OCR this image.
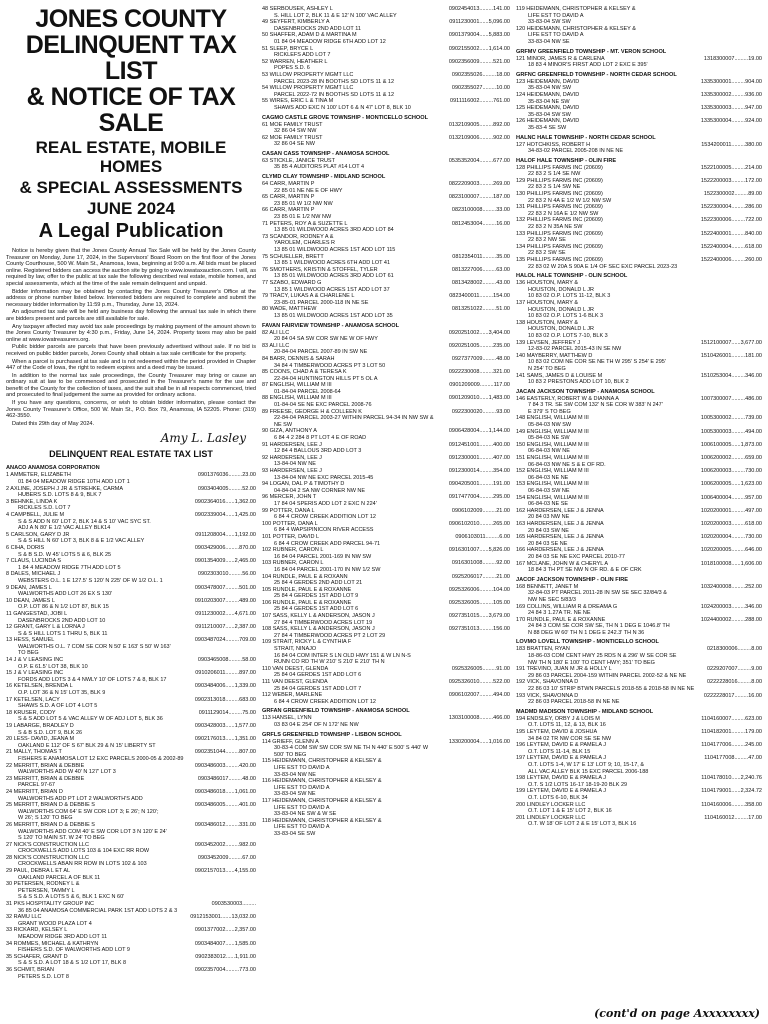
JONES COUNTY
DELINQUENT TAX LIST
& NOTICE OF TAX SALE
REAL ESTATE, MOBILE HOMES
& SPECIAL ASSESSMENTS
JUNE 2024
A Legal Publication

Notice is hereby given that the Jones County Annual Tax Sale will be held by the Jones County Treasurer on Monday, June 17, 2024, in the Supervisors' Board Room on the first floor of the Jones County Courthouse, 500 W. Main St., Anamosa, Iowa, beginning at 9:00 a.m. All bids must be placed online. Registered bidders can access the auction site by going to www.iowataxauction.com. I will, as required by law, offer to the public at tax sale the following described real estate, mobile homes, and special assessments, which at the time of the sale remain delinquent and unpaid.

Bidder information may be obtained by contacting the Jones County Treasurer's Office at the address or phone number listed below. Interested bidders are required to complete and submit the necessary bidder information by 11:59 p.m., Thursday, June 13, 2024.

An adjourned tax sale will be held any business day following the annual tax sale in which there are bidders present and parcels are still available for sale.

Any taxpayer affected may avoid tax sale proceedings by making payment of the amount shown to the Jones County Treasurer by 4:30 p.m., Friday, June 14, 2024. Property taxes may also be paid online at www.iowatreasurers.org.

Public bidder parcels are parcels that have been previously advertised without sale. If no bid is received on public bidder parcels, Jones County shall obtain a tax sale certificate for the property.

When a parcel is purchased at tax sale and is not redeemed within the period provided in Chapter 447 of the Code of Iowa, the right to redeem expires and a deed may be issued.

In addition to the normal tax sale proceedings, the County Treasurer may bring or cause an ordinary suit at law to be commenced and prosecuted in the Treasurer's name for the use and benefit of the County for the collection of taxes, and the suit shall be in all respects commenced, tried and prosecuted to final judgement the same as provided for ordinary actions.

If you have any questions, concerns, or wish to obtain bidder information, please contact the Jones County Treasurer's Office, 500 W. Main St., P.O. Box 79, Anamosa, IA 52205. Phone: (319) 462-3550.

Dated this 29th day of May 2024.

Amy L. Lasley
DELINQUENT REAL ESTATE TAX LIST
ANACO ANAMOSA CORPORATION
1 AMMETER, ELIZABETH	0901376036.........23.00
01 84 04 MEADOW RIDGE 10TH ADD LOT 1
2 AXLINE, JOSEPH J JR & STREHKE, CARMA	0903404005.........52.00
HUBERS S.D. LOTS 8 & 9, BLK 7
3 BEHNKE, LINDA K	0902364016......1,362.00
RICKLES S.D. LOT 7
4 CAMPBELL, JULIE M	0902339004......1,425.00
S & S ADD N 60' LOT 2, BLK 14 & S 10' VAC SYC ST.
ADJ A N 80' E 1/2 VAC ALLEY BLK14
5 CARLSON, GARY D JR	0911208004......1,192.00
S & S HILL N 60' LOT 3, BLK 8 & E 1/2 VAC ALLEY
6 CIHA, DORIS	0903429006.........870.00
S & B S.D. W 45' LOTS 5 & 6, BLK 25
7 CLAUS, LUCINDA S	0901354009......2,465.00
1 84 4 MEADOW RIDGE 7TH ADD LOT 5
8 DALES, MICHAEL J	0902303010.........56.00
WEBSTERS O.L. 1 E 127.5' S 120' N 225' OF W 1/2 O.L. 1
9 DEAN, JAMES L	0903478007.........501.00
WALWORTHS ADD LOT 26 EX S 130'
10 DEAN, JAMES L	0910203007.........489.00
O.P. LOT 86 & N 1/2 LOT 87, BLK 15
11 GANGESTAD, JOBI L	0911230002......4,671.00
DASENBROCKS 2ND ADD LOT 10
12 GRANT, GARY L & LORNA J	0911210007......2,387.00
S & S HILL LOTS 1 THRU 5, BLK 11
13 HESS, SAMUEL	0903487024.........709.00
WALWORTHS O.L. 7 COM SE COR N 50' E 163' S 50' W 163'
TO BEG
14 J & V LEASING INC	0903465008.........58.00
O.P. E 61.5' LOT 38, BLK 10
15 J & V LEASING INC	0910206011.........897.00
FORDS ADD LOTS 3 & 4 NWLY 10' OF LOTS 7 & 8, BLK 17
16 KETELSEN, BRENDA L	0903484006......1,339.00
O.P. LOT 36 & N 15' LOT 35, BLK 9
17 KETELSEN, LACY	0902313018.........683.00
SHAWS S.D. A OF LOT 4 LOT 5
18 KRUSER, CODY	0911129014.........75.00
S & S ADD LOT 5 & VAC ALLEY W OF ADJ LOT 5, BLK 36
19 LABARGE, BRADLEY D	0903428003......1,577.00
S & B S.D. LOT 9, BLK 26
20 LESS- DAVID, JEANA M	0902176013......1,351.00
OAKLAND E 112' OF S 67' BLK 29 & N 15' LIBERTY ST
21 MALLY, THOMAS T	0902351044.........807.00
FISHERS E ANAMOSA LOT 12 EXC PARCELS 2000-05 & 2002-89
22 MERRITT, BRIAN & DEBBIE	0903486003.........420.00
WALWORTHS ADD W 40' N 127' LOT 3
23 MERRITT, BRIAN & DEBBIE	0903486017.........48.00
PARCEL 97-67
24 MERRITT, BRIAN D	0903486018......1,061.00
WALWORTHS ADD PT LOT 2 WALWORTH'S ADD
25 MERRITT, BRIAN D & DEBBIE S	0903486005.........401.00
WALWORTHS COM 64' E SW COR LOT 3; E 26'; N 120';
W 26'; S 120' TO BEG
26 MERRITT, BRIAN D & DEBBIE S	0903486012.........331.00
WALWORTHS ADD COM 40' E SW COR LOT 3 N 120' E 24'
S 120' TO MAIN ST. W 24' TO BEG
27 NICK'S CONSTRUCTION LLC	0903452002.........982.00
CROCKWELLS ADD LOTS 103 & 104 EXC RR ROW
28 NICK'S CONSTRUCTION LLC	0903452009.........67.00
CROCKWELLS ABAN RR ROW IN LOTS 102 & 103
29 PAUL, DEBRA L ET AL	0902157013......4,155.00
OAKLAND PARCEL A OF BLK 11
30 PETERSEN, RODNEY L &
PETERSEN, TAMMY L
S & S S.D. A LOTS 5 & 6, BLK 1 EXC N 60'
31 PKS HOSPITALITY GROUP INC	0903530003.........
36 85 04 ANAMOSA COMMERCIAL PARK 1ST ADD LOTS 2 & 3
32 RAMU LLC	0912153001.......13,032.00
GRANT WOOD PLAZA LOT 4
33 RICKARD, KELSEY L	0901377002......2,357.00
MEADOW RIDGE 3RD ADD LOT 11
34 ROMMES, MICHAEL & KATHRYN	0903484007......1,585.00
FISHERS S.D. OF WALWORTHS ADD LOT 9
35 SCHAFER, GRANT D	0902383012......1,911.00
S & S S.D. A LOT 18 & S 1/2 LOT 17, BLK 8
36 SCHMIT, BRIAN	0902357004.........773.00
PETERS S.D. LOT 8
48 SERBOUSEK, ASHLEY L	0902454013.........141.00
S. HILL LOT 2, BLK 11 & E 12' N 100' VAC ALLEY
49 SEYFERT, KIMBERLY A	0911230001......5,096.00
DASENBROCKS 2ND ADD LOT 11
50 SHAFFER, ADAM D & MARTINA M	0901379004......5,883.00
01 84 04 MEADOW RIDGE 6TH ADD LOT 12
51 SLEEP, BRYCE L	0902155002......1,614.00
RICKLEFS ADD LOT 7
52 WARREN, HEATHER L	0902356009.........521.00
POPES S.D. 6
53 WILLOW PROPERTY MGMT LLC	0902355026.........18.00
PARCEL 2023-28 IN BOOTHS SD LOTS 11 & 12
54 WILLOW PROPERTY MGMT LLC	0902355027.........10.00
PARCEL 2022-72 IN BOOTHS SD LOTS 11 & 12
55 WIRES, ERIC L & TINA M	0911116002.........761.00
SHAWS ADD EXC N 100' LOT 6 & N 47' LOT 8, BLK 10
CAGMO CASTLE GROVE TOWNSHIP - MONTICELLO SCHOOL
61 MOE FAMILY TRUST	0132109005.........892.00
32 86 04 SW NW
62 MOE FAMILY TRUST	0132109006.........902.00
32 86 04 SE NW
CASAN CASS TOWNSHIP - ANAMOSA SCHOOL
63 STICKLE, JANICE TRUST	0535352004.........677.00
35 85 4 AUDITORS PLAT #14 LOT 4
CLYMD CLAY TOWNSHIP - MIDLAND SCHOOL
64 CARR, MARTIN P	0822209003.........269.00
22 85 01 NE NE E OF HWY
65 CARR, MARTIN P	0823100007.........187.00
23 85 01 W 1/2 NW NW
66 CARR, MARTIN P	0823100008.........33.00
23 85 01 E 1/2 NW NW
71 PETERS, ROY A & SUZETTE L	0812453004.........16.00
13 85 01 WILDWOOD ACRES 3RD ADD LOT 84
73 SCANDOR, RODNEY A &
YAROLEM, CHARLES R
13 85 01 WILDWOOD ACRES 1ST ADD LOT 115
75 SCHUELLER, BRETT	0812354011.........35.00
13 85 1 WILDWOOD ACRES 6TH ADD LOT 41
76 SMOTHERS, KRISTIN & STOFFEL, TYLER	0813227006.........63.00
13 85 01 WILDWOOD ACRES 3RD ADD LOT 61
77 SZABO, EDWARD G	0813428002.........43.00
13 85 1 WILDWOOD ACRES 1ST ADD LOT 37
79 TRACY, LUKAS A & CHARLENE L	0823400011.........154.00
23-85-01 PARCEL 2000-118 IN NE SE
80 WADE, MATTHEW	0813251022.........51.00
13 85 01 WILDWOOD ACRES 1ST ADD LOT 35
FAVAN FAIRVIEW TOWNSHIP - ANAMOSA SCHOOL
82 ALI LLC	0920251002......3,404.00
20 84 04 SA SW COR SW NE W OF HWY
83 ALI LLC	0920251005.........235.00
20-84-04 PARCEL 2007-89 IN SW NE
84 BARR, DENNIS & SARAH	0927377009.........48.00
34 84 4 TIMBERWOOD ACRES PT 3 LOT 50
85 COONS, CHAD A & TERESA K	0922230008.........321.00
22-84-04 HUNTINGTON HILLS PT 5 OL A
87 ENGLISH, WILLIAM M III	0901209009.........117.00
01-84-04 PARCEL 2008-64
88 ENGLISH, WILLIAM M III	0901209010......1,483.00
01-84-04 SE NE EXC PARCEL 2008-76
89 FREESE, GEORGE H & COLLEEN K	0922300020.........93.00
22-84-04 PARCEL 2003-27 WITHIN PARCEL 94-34 IN NW SW &
NE SW
90 GIZA, ANTHONY A	0906428004......1,144.00
6 84 4 2 284 8 PT LOT 4 E OF ROAD
91 HARDERSEN, LEE J	0912451001.........400.00
12 84 4 BALLOUS 3RD ADD LOT 3
92 HARDERSEN, LEE J	0912300001.........407.00
13-84-04 NW NE
93 HARDERSEN, LEE J	0912300014.........354.00
13-84-04 NW NE EXC PARCEL 2015-45
94 LOGAN, DAL P & TIMOTHY D	0904205001.........191.00
04-84-04 2 SA NW CORNER NW NE
96 MERCER, JOHN T	0917477004.........295.00
17 84 04 SPERIS ADD LOT 2 EXC N 224'
99 POTTER, DANA L	0906102009.........21.00
6 84 4 CROW CREEK ADDITION LOT 12
100 POTTER, DANA L	0906102010.........265.00
6 84 4 WAPSIPINICON RIVER ACCESS
101 POTTER, DAVID L	0906103011.........6.00
6 84 4 CROW CREEK ADD PARCEL 94-71
102 RUBNER, CARON L	0916301007......5,826.00
16 84 04 PARCEL 2001-169 IN NW SW
103 RUBNER, CARON L	0916301008.........92.00
16 84 04 PARCEL 2001-170 IN NW 1/2 SW
104 RUNDLE, PAUL E & ROXANN	0925206017.........21.00
25 84 4 GERDES 2ND ADD LOT 21
105 RUNDLE, PAUL E & ROXANNE	0925326006.........104.00
25 84 4 GERDES 1ST ADD LOT 9
106 RUNDLE, PAUL E & ROXANNE	0925326005.........105.00
25 84 4 GERDES 1ST ADD LOT 6
107 SASS, KELLY L & ANDERSON, JASON J	0927351015......3,679.00
27 84 4 TIMBERWOOD ACRES LOT 19
108 SASS, KELLY L & ANDERSON, JASON J	0927351013.........156.00
27 84 4 TIMBERWOOD ACRES PT 2 LOT 29
109 STRAIT, RICKY L & CYNTHIA F
STRAIT, NINAJO
16 84 04 COM INTER S LN OLD HWY 151 & W LN N-S
RUNN CO RD TH W 210' S 210' E 210' TH N
110 VAN DEEST, GLENDA	0925326005.........91.00
25 84 04 GERDES 1ST ADD LOT 6
111 VAN DEEST, GLENDA	0925326010.........522.00
25 84 04 GERDES 1ST ADD LOT 7
112 WEBER, MARLENE	0906102007.........494.00
6 84 4 CROW CREEK ADDITION LOT 12
GRFAN GREENFIELD TOWNSHIP - ANAMOSA SCHOOL
113 HANSEL, LYNN	1303100008.........466.00
03 83 04 E 254' OF N 172' NE NW
GRFLS GREENFIELD TOWNSHIP - LISBON SCHOOL
114 GRIEFF, GLENN A	1330200004......1,016.00
30-83-4 COM SW SW COR SW NE TH N 440' E 500' S 440' W
500' TO BEG
115 HEIDEMANN, CHRISTOPHER & KELSEY &
LIFE EST TO DAVID A
33-83-04 NW NE
116 HEIDEMANN, CHRISTOPHER & KELSEY &
LIFE EST TO DAVID A
33-83-04 SW NE
117 HEIDEMANN, CHRISTOPHER & KELSEY &
LIFE EST TO DAVID A
33-83-04 NE SW & W SE
118 HEIDEMANN, CHRISTOPHER & KELSEY &
LIFE EST TO DAVID A
33-83-04 SE SW
119 HEIDEMANN, CHRISTOPHER & KELSEY &
LIFE EST TO DAVID A
33-83-04 SW SW
120 HEIDEMANN, CHRISTOPHER & KELSEY &
LIFE EST TO DAVID A
33-83-04 NW SE
GRFMV GREENFIELD TOWNSHIP - MT. VERON SCHOOL
121 MINOR, JAMES R & CARLENA	1318300007.........19.00
18 83 4 MINOR'S FIRST ADD LOT 2 EXC E 395'
GRFNC GREENFIELD TOWNSHIP - NORTH CEDAR SCHOOL
123 HEIDEMANN, DAVID	1335300001.........904.00
35-83-04 NW SW
124 HEIDEMANN, DAVID	1335300002.........936.00
35-83-04 NE SW
125 HEIDEMANN, DAVID	1335300003.........947.00
35-83-04 SW SW
126 HEIDEMANN, DAVID	1335300004.........924.00
35-83-4 SE SW
HALNC HALE TOWNSHIP - NORTH CEDAR SCHOOL
127 HOTCHKISS, ROBERT H	1534200011.........380.00
34-83-02 PARCEL 2005-208 IN NE NE
HALOF HALE TOWNSHIP - OLIN FIRE
128 PHILLIPS FARMS INC (20609)	1522100005.........214.00
22 83 2 S 1/4 SE NW
129 PHILLIPS FARMS INC (20609)	1522200003.........172.00
22 83 2 S 1/4 SW NE
130 PHILLIPS FARMS INC (20609)	1522300002.........89.00
22 83 2 N 4A E 1/2 W 1/2 NW SW
131 PHILLIPS FARMS INC (20609)	1522300004.........286.00
22 83 2 N 16A E 1/2 NW SW
132 PHILLIPS FARMS INC (20609)	1522300006.........722.00
22 83 2 N 35A NE SW
133 PHILLIPS FARMS INC (20609)	1522400001.........840.00
22 83 2 NW SE
134 PHILLIPS FARMS INC (20609)	1522400004.........618.00
22 83 2 SW SE
135 PHILLIPS FARMS INC (20609)	1522400006.........260.00
22 83 02 W 20A S 90A E 1/4 OF SEC EXC PARCEL 2023-23
HALOL HALE TOWNSHIP - OLIN SCHOOL
136 HOUSTON, MARY &
HOUSTON, DONALD L JR
10 83 02 O.P. LOTS 11-12, BLK 3
137 HOUSTON, MARY &
HOUSTON, DONALD L JR
10 83 02 O.P. LOTS 1-6 BLK 3
138 HOUSTON, MARY &
HOUSTON, DONALD L JR
10 83 02 O.P. LOTS 7-10, BLK 3
139 LEVSEN, JEFFREY J	1512100007......3,677.00
12-83-02 PARCEL 2015-43 IN SE NW
140 MAYBERRY, MATTHEW D	1510426001.........181.00
10 83 02 COM NE COR SE NE TH W 295' S 254' E 295'
N 254' TO BEG
141 SAMS, JAMES D & LOUISE M	1510253004.........346.00
10 83 2 PRESTONS ADD LOT 10, BLK 2
JACAN JACKSON TOWNSHIP - ANAMOSA SCHOOL
146 EASTERLY, ROBERT W & DIANNA A	1007300007.........486.00
7 84 3 TR. SE SW COM 132' N SE COR W 383' N 247'
E 379' S TO BEG
148 ENGLISH, WILLIAM M III	1005300002.........739.00
05-84-03 NW SW
149 ENGLISH, WILLIAM M III	1005300003.........494.00
05-84-03 NE SW
150 ENGLISH, WILLIAM M III	1006100005......1,873.00
06-84-03 NW NE
151 ENGLISH, WILLIAM M III	1006200002.........659.00
06-84-03 NW NE S & E OF RD.
152 ENGLISH, WILLIAM M III	1006200003.........730.00
06-84-03 NE NE
153 ENGLISH, WILLIAM M III	1006200005......1,623.00
06-84-03 SW NE
154 ENGLISH, WILLIAM M III	1006400004.........957.00
06-84-03 NE SE
162 HARDERSEN, LEE J & JENNA	1020200001.........497.00
20 84 03 NW NE
163 HARDERSEN, LEE J & JENNA	1020200003.........618.00
20 84 03 SW NE
165 HARDERSEN, LEE J & JENNA	1020200004.........730.00
20 84 03 SE NE
166 HARDERSEN, LEE J & JENNA	1020200005.........646.00
20 84 03 SE NE EXC PARCEL 2010-77
167 MCLANE, JOHN W & CHERYL A	1018100008......1,606.00
18 84 3 TH PT SE NW N OF RD. & E OF CRK
JACOF JACKSON TOWNSHIP - OLIN FIRE
168 BENNETT, JANET M	1032400008.........252.00
32-84-03 PT PARCEL 2011-28 IN SW SE SEC 32/84/3 &
NW NE SEC 5/83/3
169 COLLINS, WILLIAM R & DREAMA G	1024200003.........346.00
24 84 3 1.27A TR. NE NE
170 RUNDLE, PAUL E & ROXANNE	1024400002.........288.00
24 84 3 COM SE COR SW SE, TH N 1 DEG E 1046.8' TH
N 88 DEG W 60' TH N 1 DEG E 242.3' TH N 36
LOVMO LOVELL TOWNSHIP - MONTICELLO SCHOOL
183 BRATTEN, RYAN	0218300006.........8.00
18-86-03 COM CENT HWY 25 RDS N & 296' W SE COR SE
NW TH N 180' E 100' TO CENT HWY; 351' TO BEG
191 TREVINO, JUAN M JR & HOLLY L	0229207007.........9.00
29 86 03 PARCEL 2004-159 WITHIN PARCEL 2002-52 & NE NE
192 VICK, SHAVONNA D	0222228016.........8.00
22 86 03 10' STRIP BTWN PARCELS 2018-55 & 2018-58 IN NE NE
193 VICK, SHAVONNA D	0222228017.........16.00
22 86 03 PARCEL 2018-58 IN NE NE
MADMD MADISON TOWNSHIP - MIDLAND SCHOOL
194 ENDSLEY, ORBY J & LOIS M	1104160007.........623.00
O.T. LOTS 11, 12, & 13, BLK 16
195 LEYTEM, DAVID & JOSHUA	1104182001.........179.00
34 84 02 TR NW COR SE SE NW
196 LEYTEM, DAVID E & PAMELA J	1104177006.........245.00
O.T. LOTS 11-14, BLK 15
197 LEYTEM, DAVID E & PAMELA J	1104177008.........47.00
O.T. LOTS 1-4, W 17' E 13' LOT 9; 10, 15-17, &
ALL VAC ALLEY BLK 15 EXC PARCEL 2006-188
198 LEYTEM, DAVID E & PAMELA J	1104178010......2,240.76
O.T. S 1/2 LOTS 16-17 18-19-20 BLK 29
199 LEYTEM, DAVID E & PAMELA J	1104179001......2,324.72
O.T. LOTS 6-10, BLK 34
200 LINDLEY LOCKER LLC	1104160006.........358.00
O.T. LOT 1 & E 15' LOT 2, BLK 16
201 LINDLEY LOCKER LLC	1104160012.........17.00
O.T. W 18' OF LOT 2 & E 15' LOT 3, BLK 16
(cont'd on page Axxxxxxxx)
